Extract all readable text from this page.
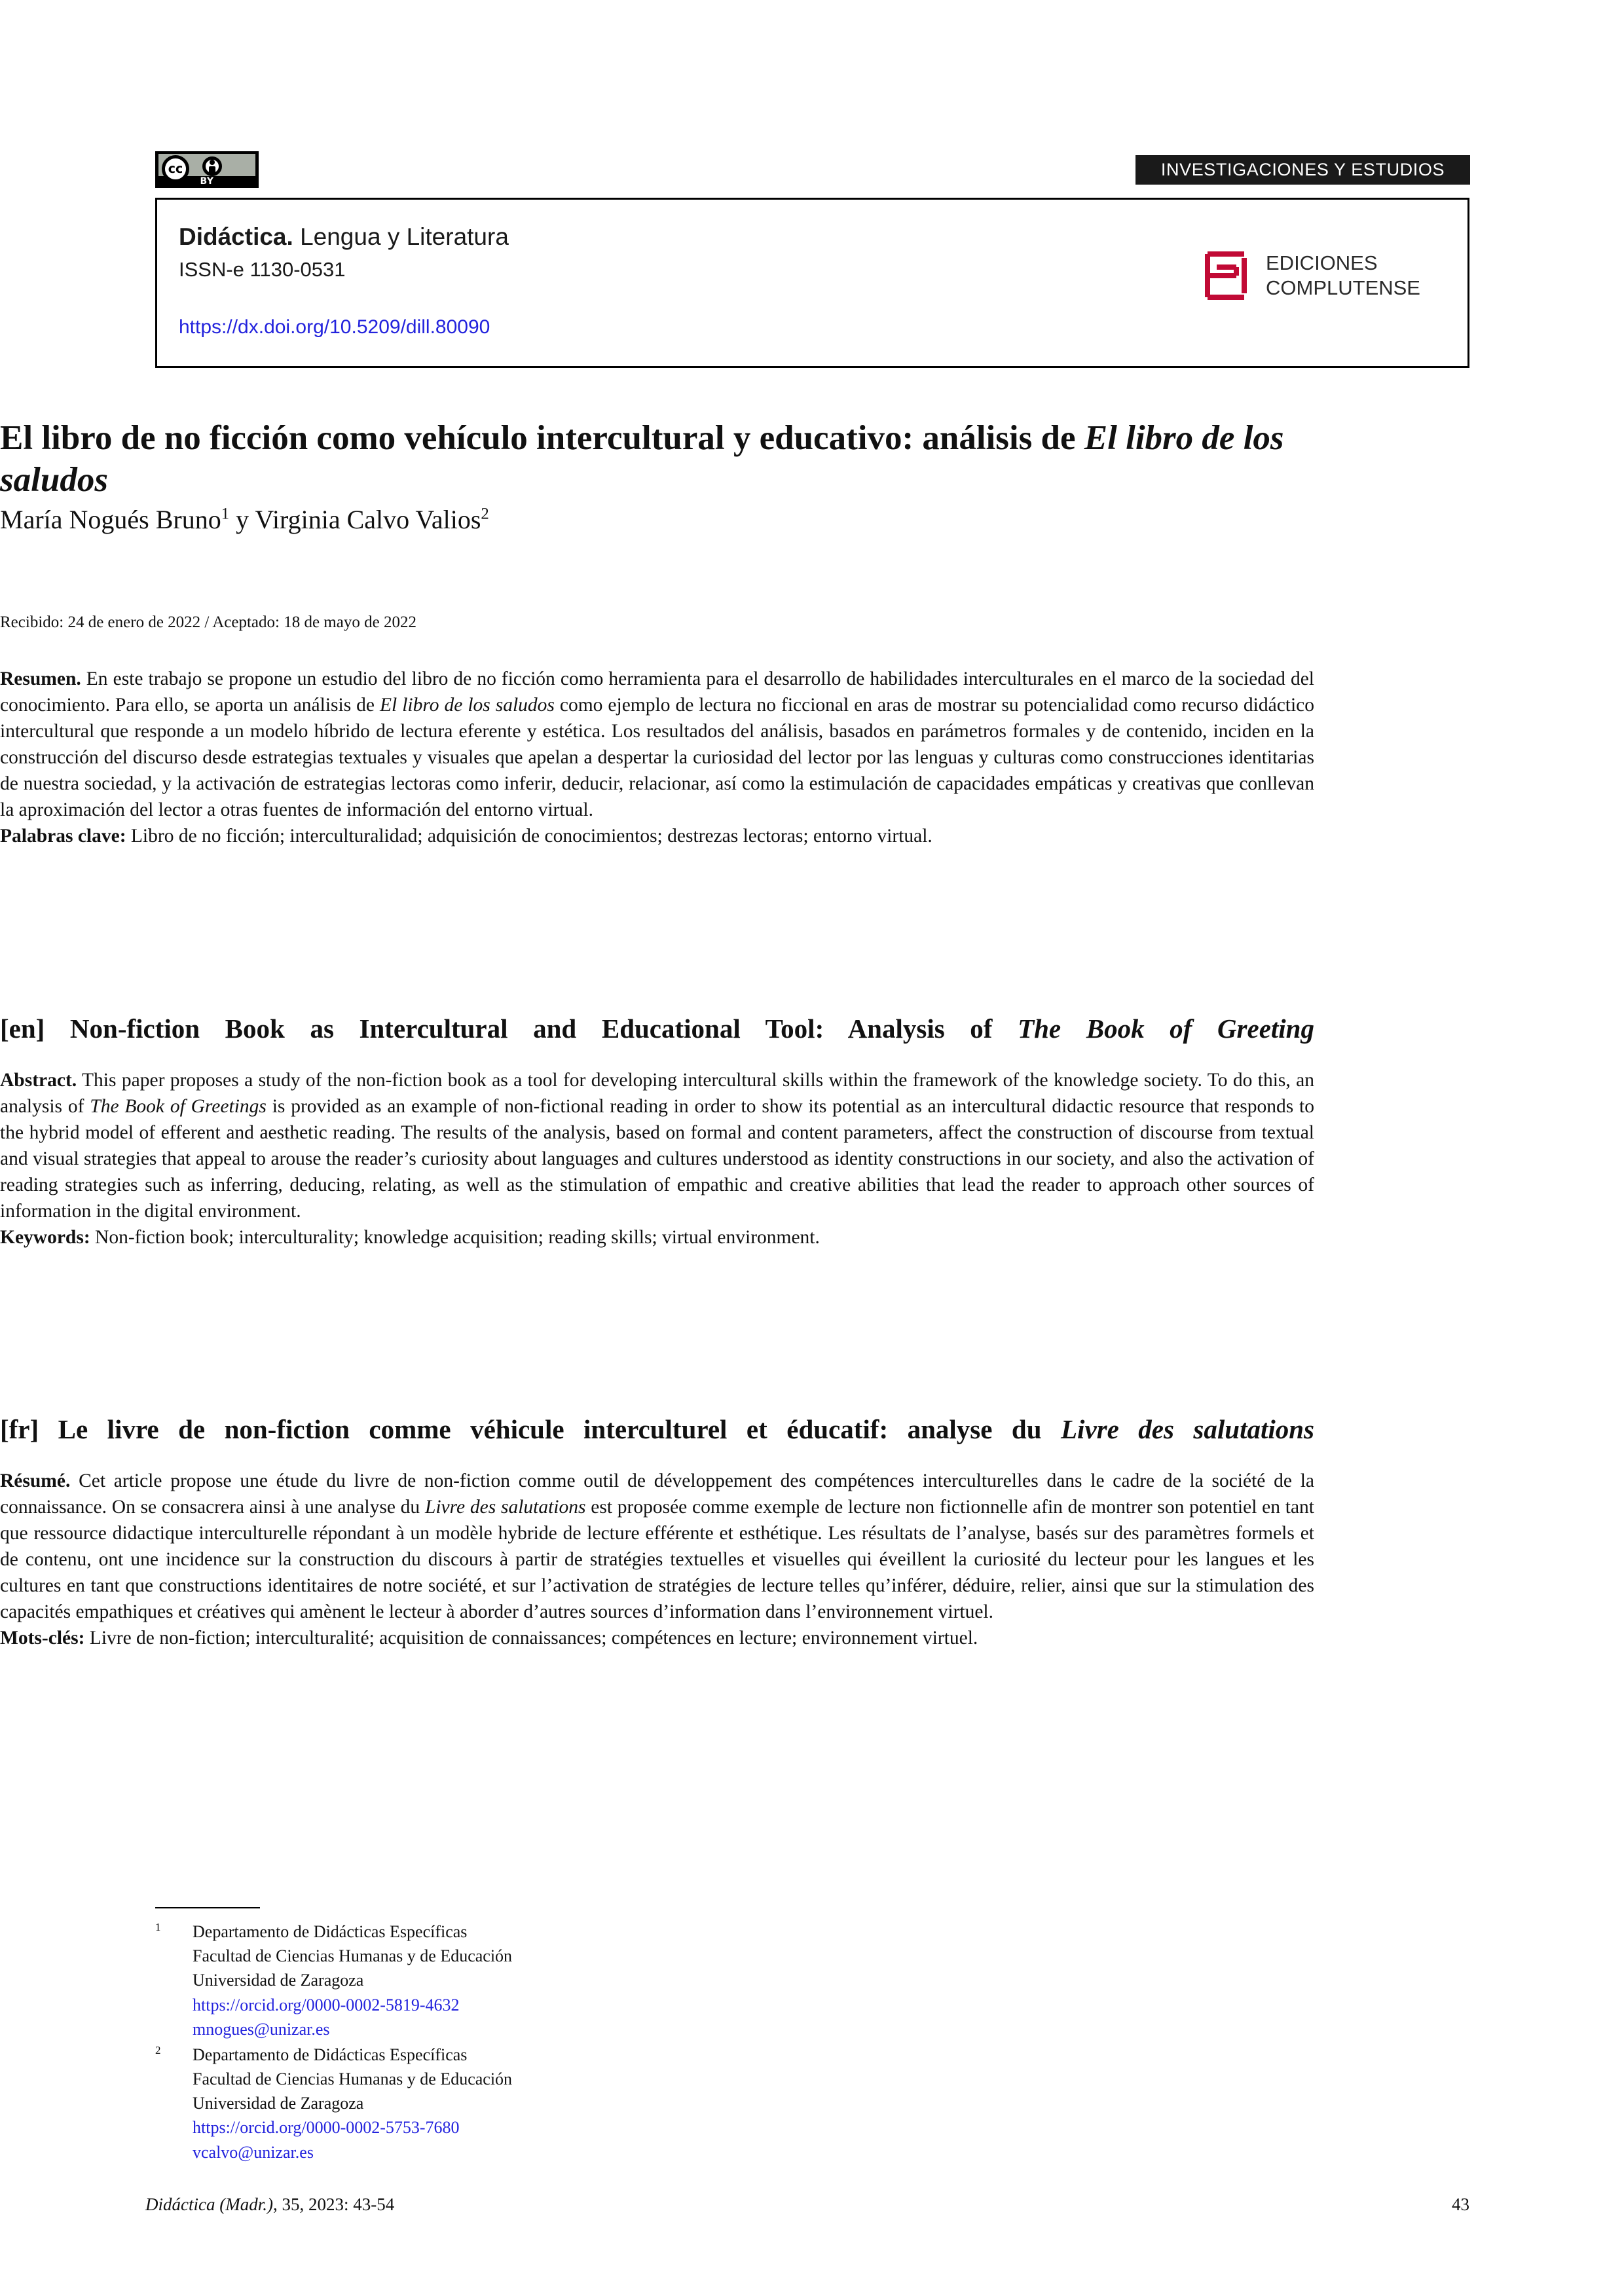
cc
BY
INVESTIGACIONES Y ESTUDIOS
Didáctica. Lengua y Literatura
ISSN-e 1130-0531
https://dx.doi.org/10.5209/dill.80090
EDICIONES
COMPLUTENSE
El libro de no ficción como vehículo intercultural y educativo: análisis de El libro de los saludos
María Nogués Bruno$^1$ y Virginia Calvo Valios$^2$
Recibido: 24 de enero de 2022 / Aceptado: 18 de mayo de 2022

Resumen. En este trabajo se propone un estudio del libro de no ficción como herramienta para el desarrollo de habilidades interculturales en el marco de la sociedad del conocimiento. Para ello, se aporta un análisis de El libro de los saludos como ejemplo de lectura no ficcional en aras de mostrar su potencialidad como recurso didáctico intercultural que responde a un modelo híbrido de lectura eferente y estética. Los resultados del análisis, basados en parámetros formales y de contenido, inciden en la construcción del discurso desde estrategias textuales y visuales que apelan a despertar la curiosidad del lector por las lenguas y culturas como construcciones identitarias de nuestra sociedad, y la activación de estrategias lectoras como inferir, deducir, relacionar, así como la estimulación de capacidades empáticas y creativas que conllevan la aproximación del lector a otras fuentes de información del entorno virtual.

Palabras clave: Libro de no ficción; interculturalidad; adquisición de conocimientos; destrezas lectoras; entorno virtual.

[en] Non-fiction Book as Intercultural and Educational Tool: Analysis of The Book of Greeting

Abstract. This paper proposes a study of the non-fiction book as a tool for developing intercultural skills within the framework of the knowledge society. To do this, an analysis of The Book of Greetings is provided as an example of non-fictional reading in order to show its potential as an intercultural didactic resource that responds to the hybrid model of efferent and aesthetic reading. The results of the analysis, based on formal and content parameters, affect the construction of discourse from textual and visual strategies that appeal to arouse the reader’s curiosity about languages and cultures understood as identity constructions in our society, and also the activation of reading strategies such as inferring, deducing, relating, as well as the stimulation of empathic and creative abilities that lead the reader to approach other sources of information in the digital environment.

Keywords: Non-fiction book; interculturality; knowledge acquisition; reading skills; virtual environment.

[fr] Le livre de non-fiction comme véhicule interculturel et éducatif: analyse du Livre des salutations

Résumé. Cet article propose une étude du livre de non-fiction comme outil de développement des compétences interculturelles dans le cadre de la société de la connaissance. On se consacrera ainsi à une analyse du Livre des salutations est proposée comme exemple de lecture non fictionnelle afin de montrer son potentiel en tant que ressource didactique interculturelle répondant à un modèle hybride de lecture efférente et esthétique. Les résultats de l’analyse, basés sur des paramètres formels et de contenu, ont une incidence sur la construction du discours à partir de stratégies textuelles et visuelles qui éveillent la curiosité du lecteur pour les langues et les cultures en tant que constructions identitaires de notre société, et sur l’activation de stratégies de lecture telles qu’inférer, déduire, relier, ainsi que sur la stimulation des capacités empathiques et créatives qui amènent le lecteur à aborder d’autres sources d’information dans l’environnement virtuel.

Mots-clés: Livre de non-fiction; interculturalité; acquisition de connaissances; compétences en lecture; environnement virtuel.

1 Departamento de Didácticas Específicas
Facultad de Ciencias Humanas y de Educación
Universidad de Zaragoza
https://orcid.org/0000-0002-5819-4632
mnogues@unizar.es
2 Departamento de Didácticas Específicas
Facultad de Ciencias Humanas y de Educación
Universidad de Zaragoza
https://orcid.org/0000-0002-5753-7680
vcalvo@unizar.es
Didáctica (Madr.), 35, 2023: 43-54	43
